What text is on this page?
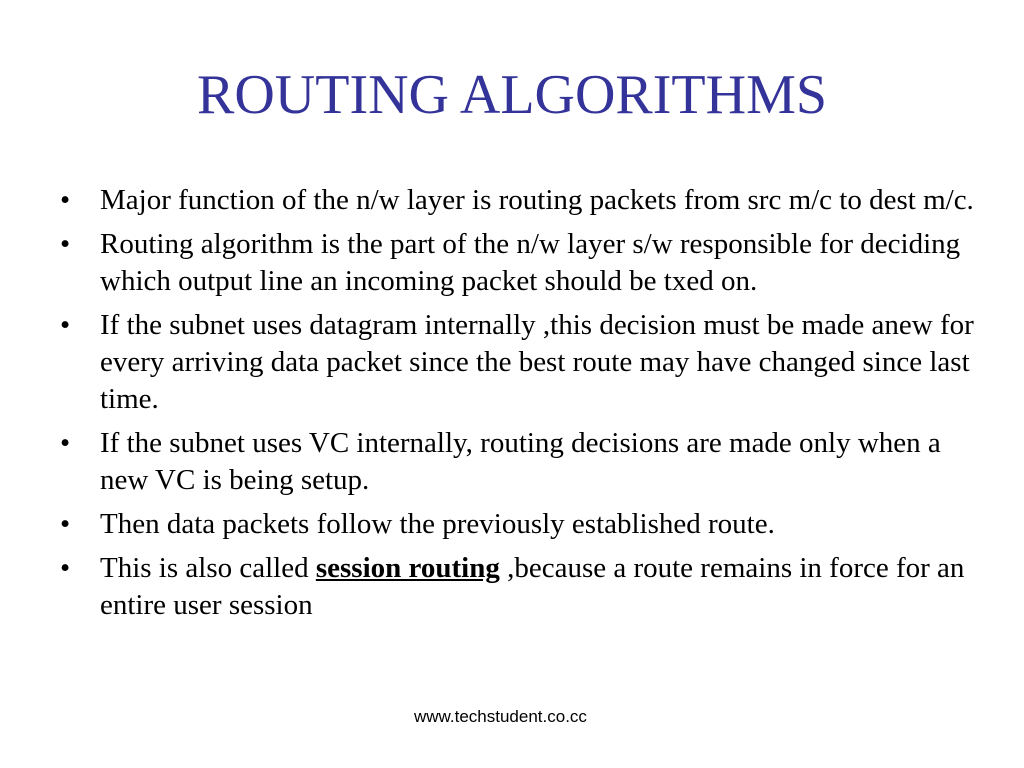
ROUTING ALGORITHMS
•	Major function of the n/w layer is routing packets from src m/c to dest m/c.
•	Routing algorithm is the part of the n/w layer s/w responsible for deciding which output line an incoming packet should be txed on.
•	If the subnet uses datagram internally ,this decision must be made anew for every arriving data packet since the best route may have changed since last time.
•	If the subnet uses VC internally, routing decisions are made only when a new VC is being setup.
•	Then data packets follow the previously established route.
•	This is also called session routing ,because a route remains in force for an entire user session
www.techstudent.co.cc
